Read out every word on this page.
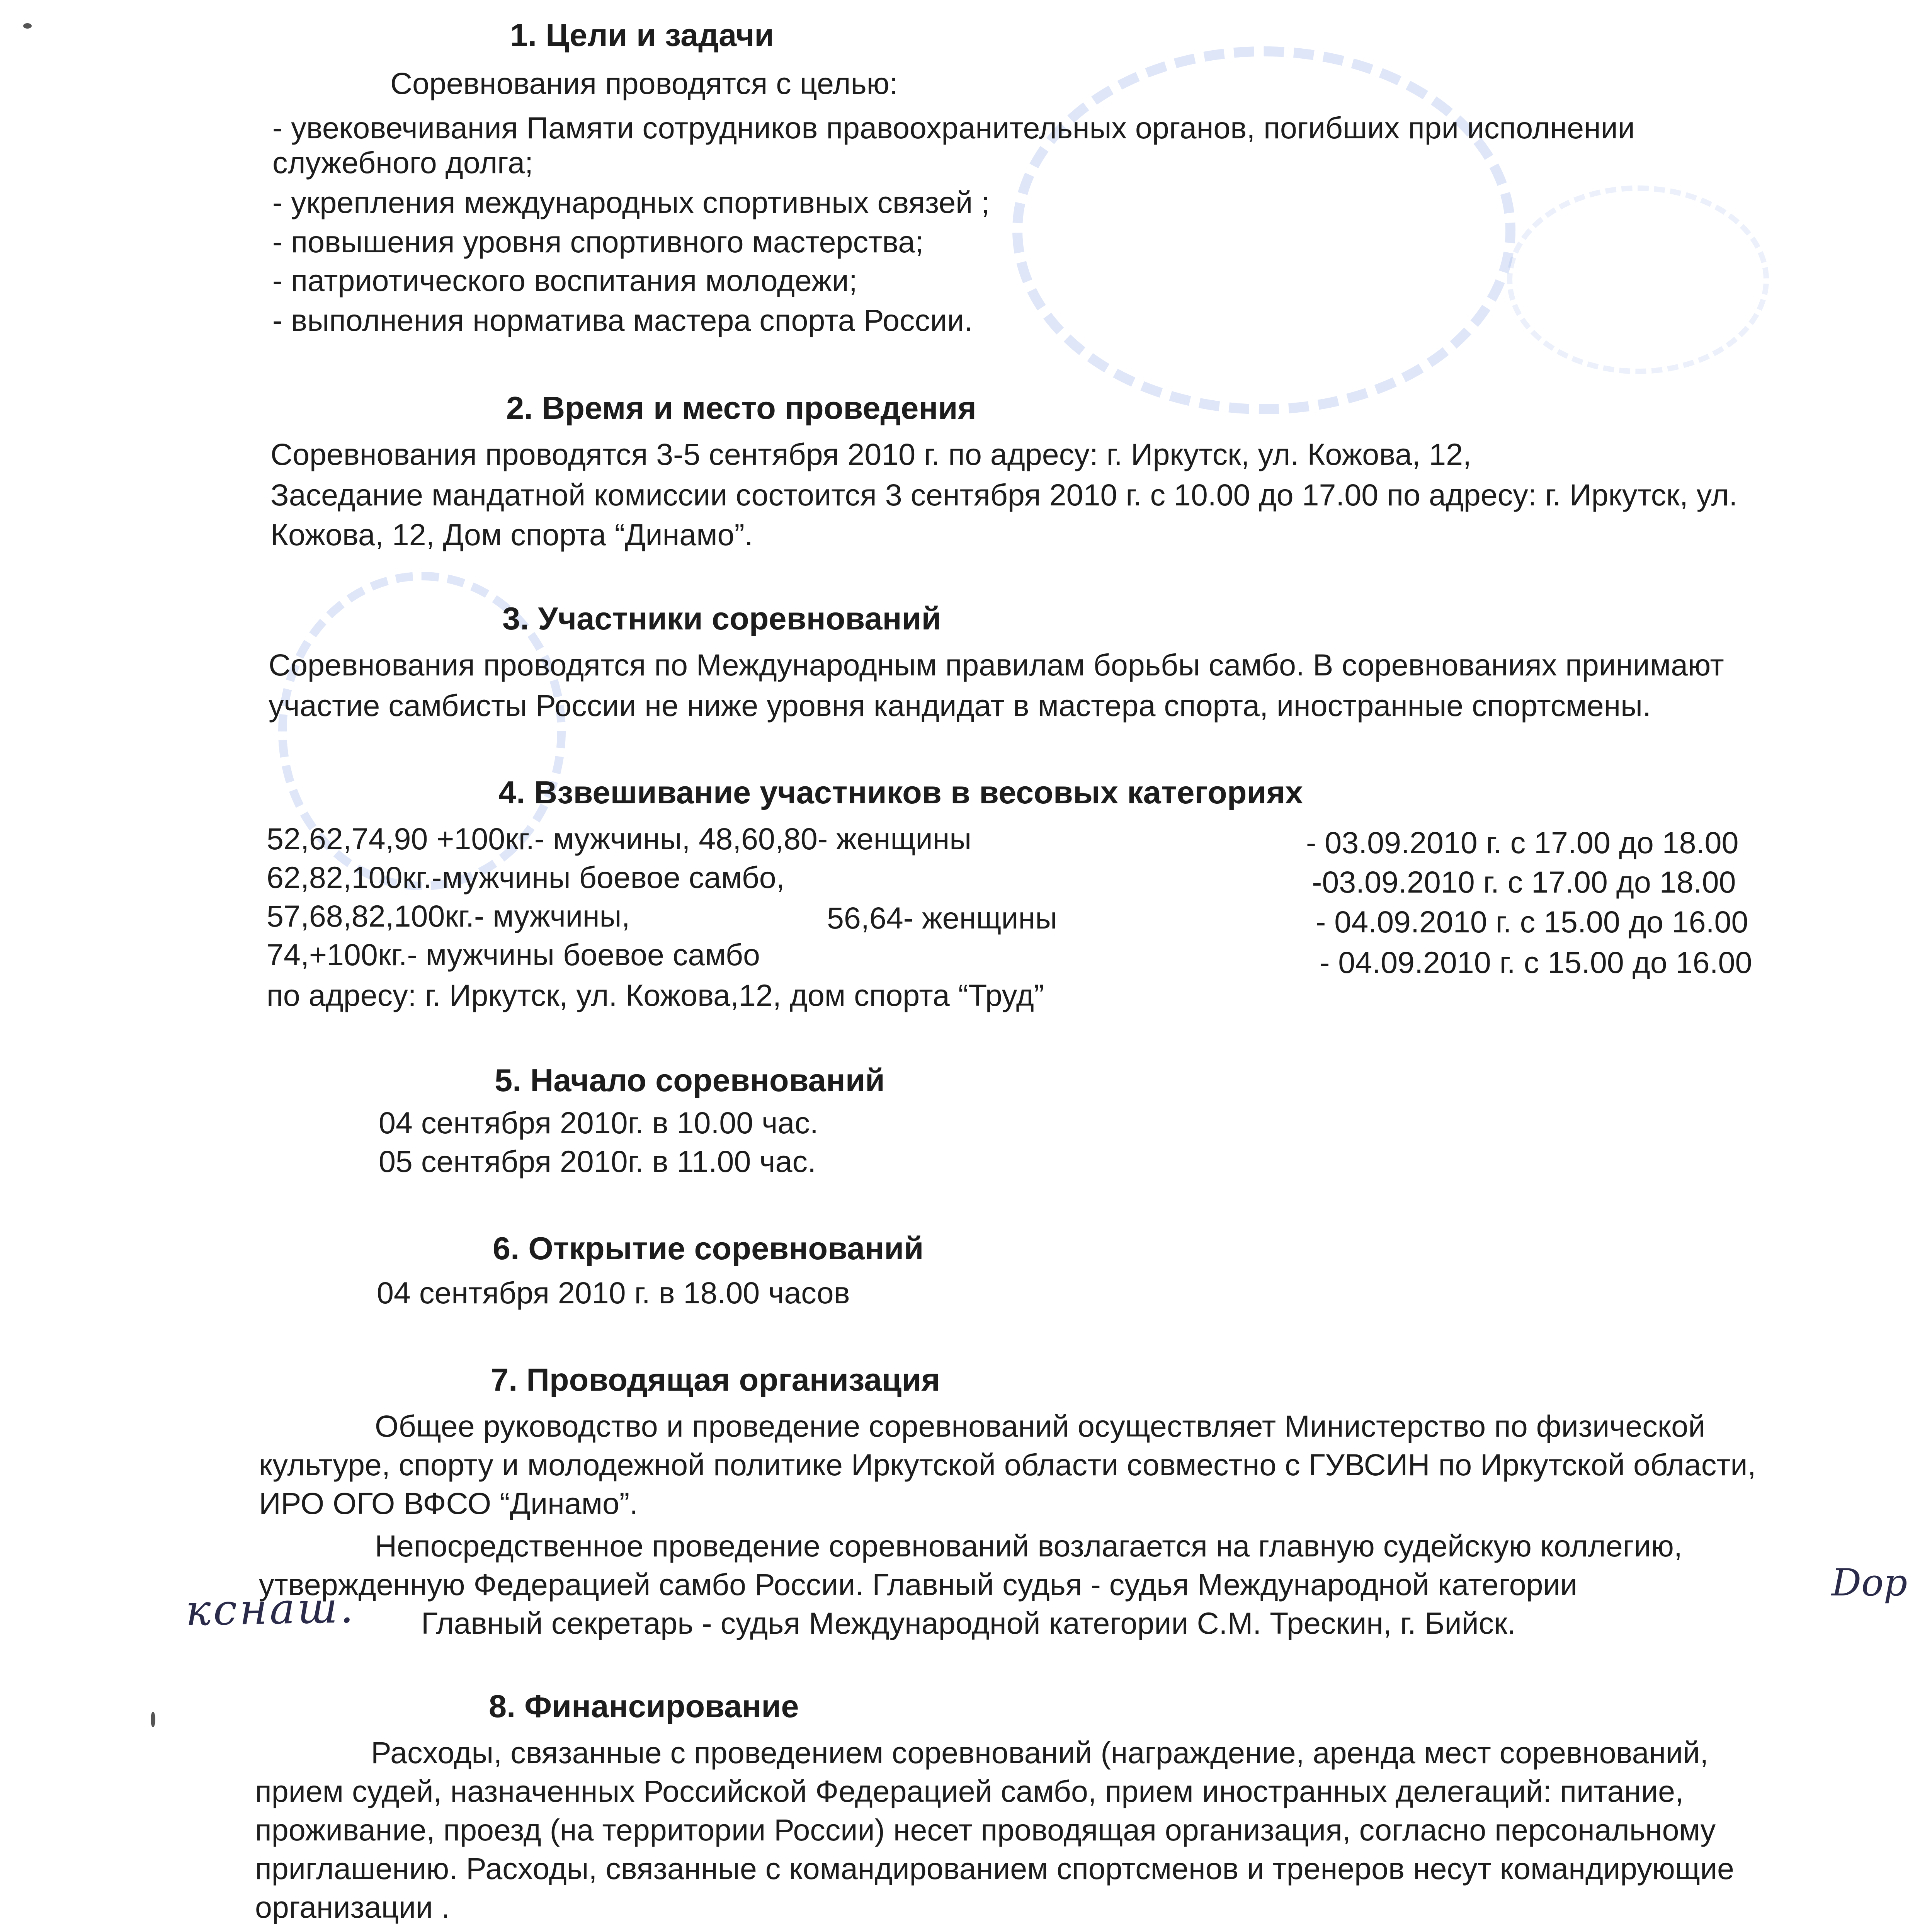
1. Цели и задачи
Соревнования проводятся с целью:
- увековечивания Памяти сотрудников правоохранительных органов, погибших при исполнении
служебного долга;
- укрепления международных спортивных связей ;
- повышения уровня спортивного мастерства;
- патриотического воспитания молодежи;
- выполнения норматива мастера спорта России.
2. Время и место проведения
Соревнования проводятся 3-5 сентября 2010 г. по адресу: г. Иркутск, ул. Кожова, 12,
Заседание мандатной комиссии состоится 3 сентября 2010 г. с 10.00 до 17.00 по адресу: г. Иркутск, ул.
Кожова, 12, Дом спорта “Динамо”.
3. Участники соревнований
Соревнования проводятся по Международным правилам борьбы самбо. В соревнованиях принимают
участие самбисты России не ниже уровня кандидат в мастера спорта, иностранные спортсмены.
4. Взвешивание участников в весовых категориях
52,62,74,90 +100кг.- мужчины, 48,60,80- женщины	- 03.09.2010 г. с 17.00 до 18.00
62,82,100кг.-мужчины боевое самбо,	-03.09.2010 г. с 17.00 до 18.00
57,68,82,100кг.- мужчины,	56,64- женщины	- 04.09.2010 г. с 15.00 до 16.00
74,+100кг.- мужчины боевое самбо	- 04.09.2010 г. с 15.00 до 16.00
по адресу: г. Иркутск, ул. Кожова,12, дом спорта “Труд”
5. Начало соревнований
04 сентября 2010г. в 10.00 час.
05 сентября 2010г. в 11.00 час.
6. Открытие соревнований
04 сентября 2010 г. в 18.00 часов
7. Проводящая организация
Общее руководство и проведение соревнований осуществляет Министерство по физической
культуре, спорту и молодежной политике Иркутской области совместно с ГУВСИН по Иркутской области,
ИРО ОГО ВФСО “Динамо”.
Непосредственное проведение соревнований возлагается на главную судейскую коллегию,
утвержденную Федерацией самбо России. Главный судья - судья Международной категории
Главный секретарь - судья Международной категории С.М. Трескин, г. Бийск.
8. Финансирование
Расходы, связанные с проведением соревнований (награждение, аренда мест соревнований,
прием судей, назначенных Российской Федерацией самбо, прием иностранных делегаций: питание,
проживание, проезд (на территории России) несет проводящая организация, согласно персональному
приглашению. Расходы, связанные с командированием спортсменов и тренеров несут командирующие
организации .
кснаш.
Dop
